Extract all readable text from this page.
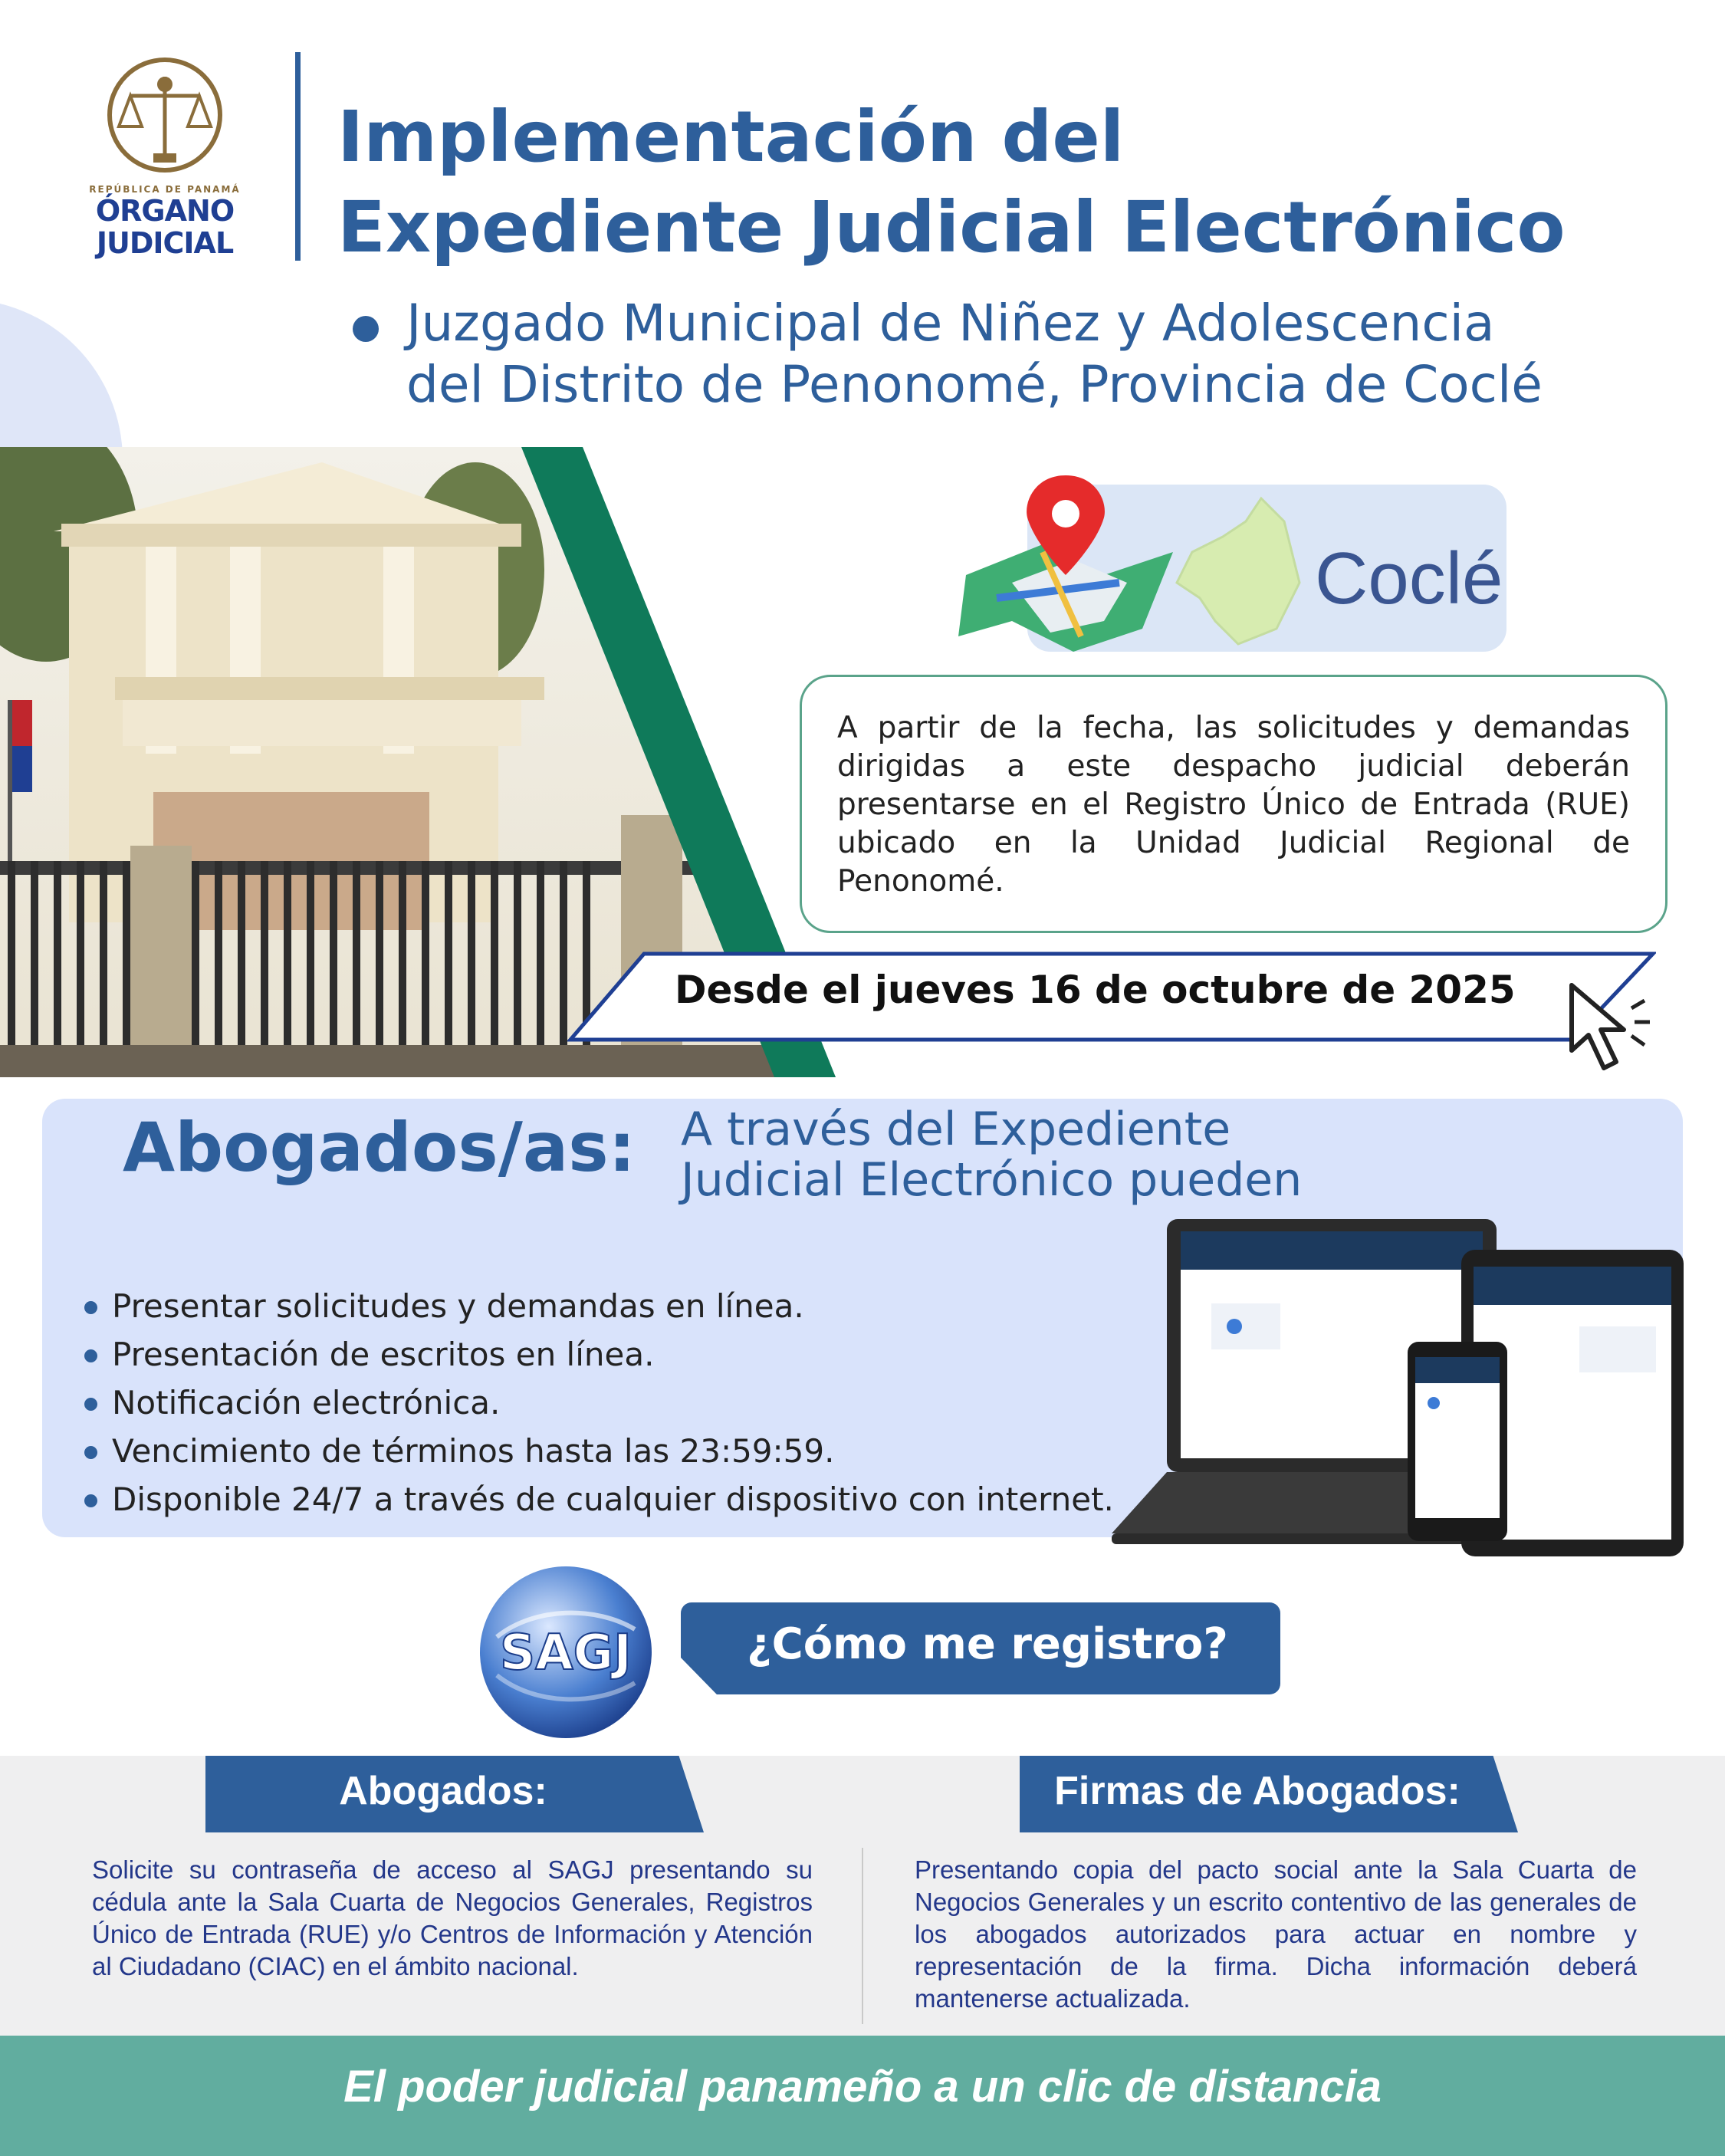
REPÚBLICA DE PANAMÁ
ÓRGANO
JUDICIAL
Implementación del
Expediente Judicial Electrónico
Juzgado Municipal de Niñez y Adolescencia
del Distrito de Penonomé, Provincia de Coclé
Coclé
A partir de la fecha, las solicitudes y demandas dirigidas a este despacho judicial deberán presentarse en el Registro Único de Entrada (RUE) ubicado en la Unidad Judicial Regional de Penonomé.
Desde el jueves 16 de octubre de 2025
Abogados/as: A través del Expediente
Judicial Electrónico pueden
Presentar solicitudes y demandas en línea.
Presentación de escritos en línea.
Notificación electrónica.
Vencimiento de términos hasta las 23:59:59.
Disponible 24/7 a través de cualquier dispositivo con internet.
SAGJ	¿Cómo me registro?
Abogados:	Firmas de Abogados:
Solicite su contraseña de acceso al SAGJ presentando su cédula ante la Sala Cuarta de Negocios Generales, Registros Único de Entrada (RUE) y/o Centros de Información y Atención al Ciudadano (CIAC) en el ámbito nacional.
Presentando copia del pacto social ante la Sala Cuarta de Negocios Generales y un escrito contentivo de las generales de los abogados autorizados para actuar en nombre y representación de la firma. Dicha información deberá mantenerse actualizada.
El poder judicial panameño a un clic de distancia
